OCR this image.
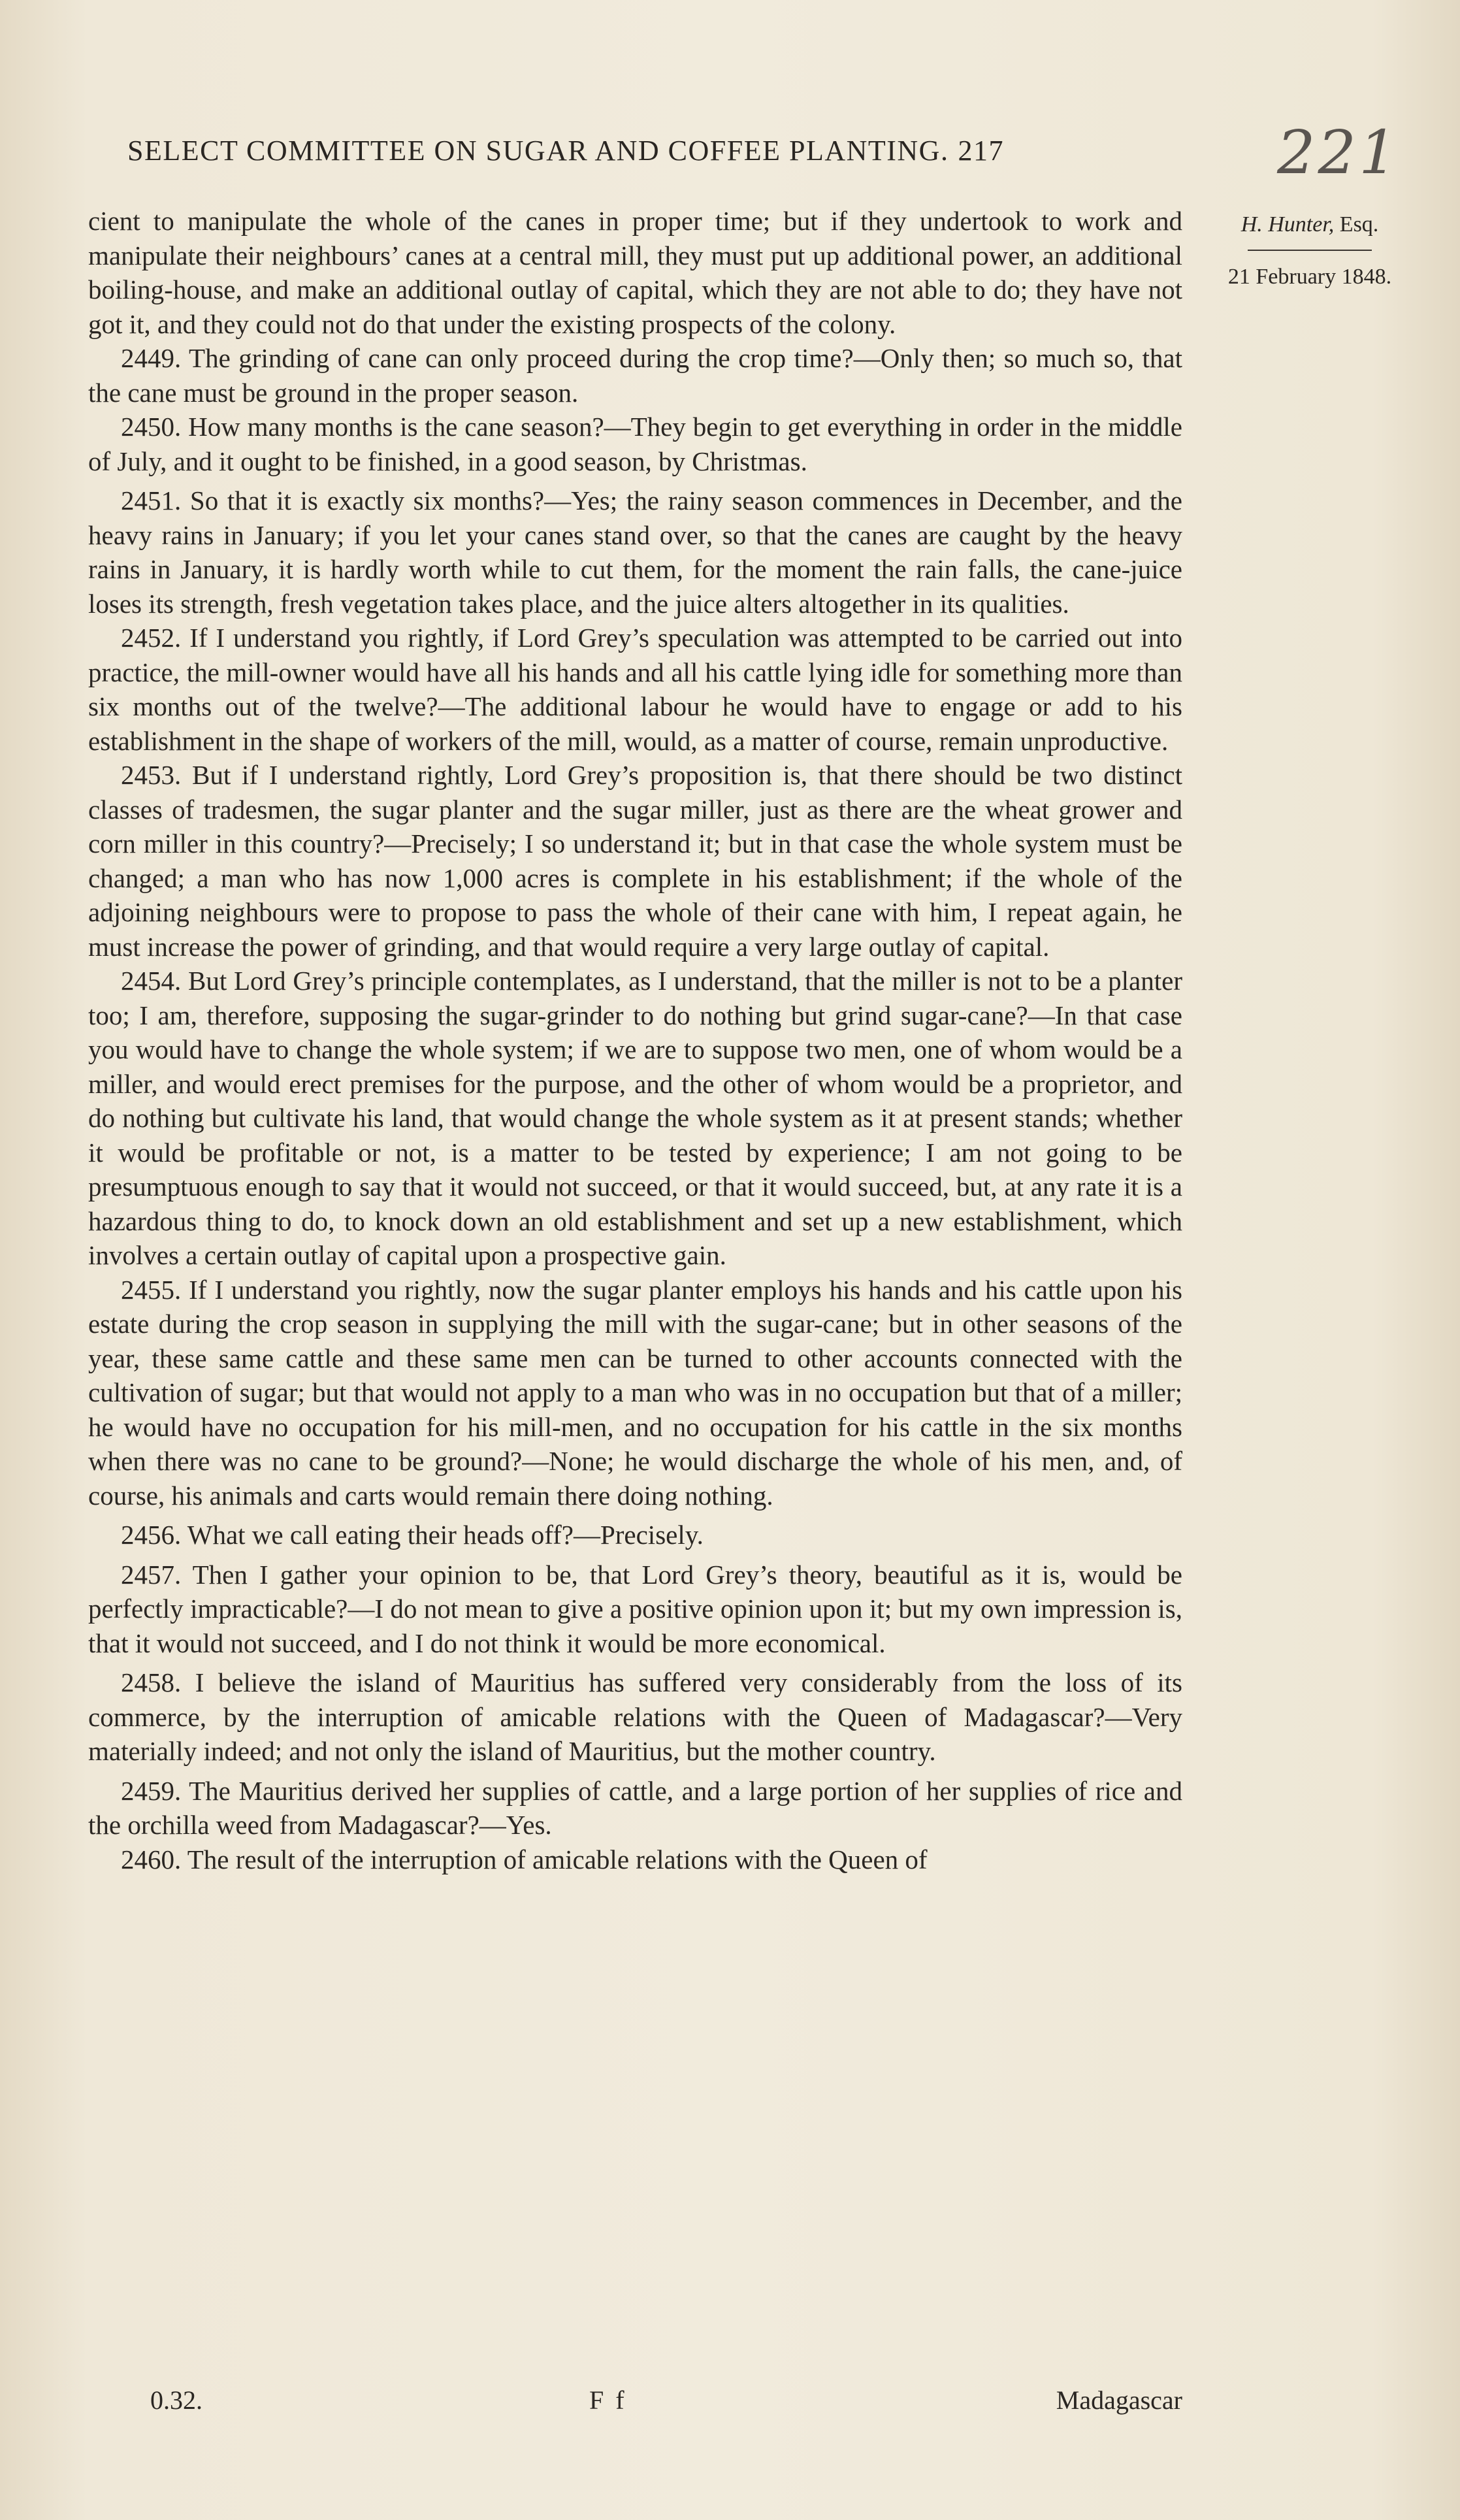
SELECT COMMITTEE ON SUGAR AND COFFEE PLANTING. 217	221
H. Hunter, Esq.
21 February 1848.

cient to manipulate the whole of the canes in proper time; but if they undertook to work and manipulate their neighbours’ canes at a central mill, they must put up additional power, an additional boiling-house, and make an additional outlay of capital, which they are not able to do; they have not got it, and they could not do that under the existing prospects of the colony.

2449. The grinding of cane can only proceed during the crop time?—Only then; so much so, that the cane must be ground in the proper season.

2450. How many months is the cane season?—They begin to get everything in order in the middle of July, and it ought to be finished, in a good season, by Christmas.

2451. So that it is exactly six months?—Yes; the rainy season commences in December, and the heavy rains in January; if you let your canes stand over, so that the canes are caught by the heavy rains in January, it is hardly worth while to cut them, for the moment the rain falls, the cane-juice loses its strength, fresh vegetation takes place, and the juice alters altogether in its qualities.

2452. If I understand you rightly, if Lord Grey’s speculation was attempted to be carried out into practice, the mill-owner would have all his hands and all his cattle lying idle for something more than six months out of the twelve?—The additional labour he would have to engage or add to his establishment in the shape of workers of the mill, would, as a matter of course, remain unproductive.

2453. But if I understand rightly, Lord Grey’s proposition is, that there should be two distinct classes of tradesmen, the sugar planter and the sugar miller, just as there are the wheat grower and corn miller in this country?—Precisely; I so understand it; but in that case the whole system must be changed; a man who has now 1,000 acres is complete in his establishment; if the whole of the adjoining neighbours were to propose to pass the whole of their cane with him, I repeat again, he must increase the power of grinding, and that would require a very large outlay of capital.

2454. But Lord Grey’s principle contemplates, as I understand, that the miller is not to be a planter too; I am, therefore, supposing the sugar-grinder to do nothing but grind sugar-cane?—In that case you would have to change the whole system; if we are to suppose two men, one of whom would be a miller, and would erect premises for the purpose, and the other of whom would be a proprietor, and do nothing but cultivate his land, that would change the whole system as it at present stands; whether it would be profitable or not, is a matter to be tested by experience; I am not going to be presumptuous enough to say that it would not succeed, or that it would succeed, but, at any rate it is a hazardous thing to do, to knock down an old establishment and set up a new establishment, which involves a certain outlay of capital upon a prospective gain.

2455. If I understand you rightly, now the sugar planter employs his hands and his cattle upon his estate during the crop season in supplying the mill with the sugar-cane; but in other seasons of the year, these same cattle and these same men can be turned to other accounts connected with the cultivation of sugar; but that would not apply to a man who was in no occupation but that of a miller; he would have no occupation for his mill-men, and no occupation for his cattle in the six months when there was no cane to be ground?—None; he would discharge the whole of his men, and, of course, his animals and carts would remain there doing nothing.

2456. What we call eating their heads off?—Precisely.

2457. Then I gather your opinion to be, that Lord Grey’s theory, beautiful as it is, would be perfectly impracticable?—I do not mean to give a positive opinion upon it; but my own impression is, that it would not succeed, and I do not think it would be more economical.

2458. I believe the island of Mauritius has suffered very considerably from the loss of its commerce, by the interruption of amicable relations with the Queen of Madagascar?—Very materially indeed; and not only the island of Mauritius, but the mother country.

2459. The Mauritius derived her supplies of cattle, and a large portion of her supplies of rice and the orchilla weed from Madagascar?—Yes.

2460. The result of the interruption of amicable relations with the Queen of

0.32.	F f	Madagascar
